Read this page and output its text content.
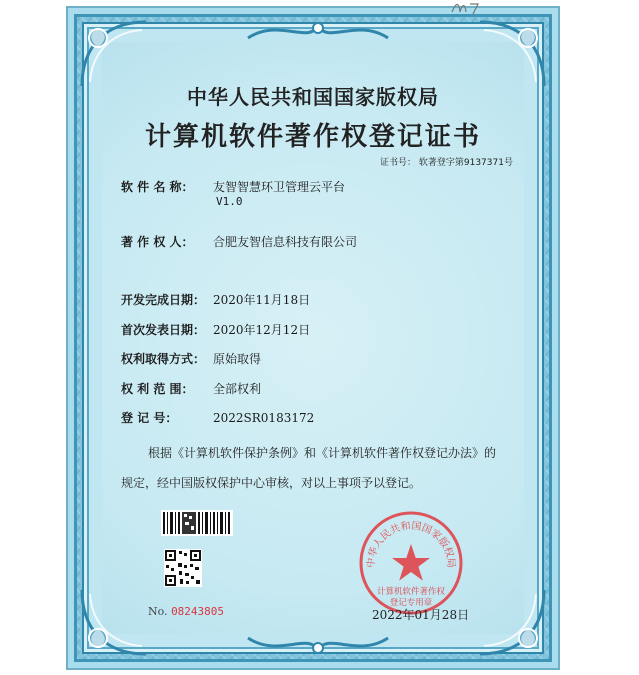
中华人民共和国国家版权局
计算机软件著作权登记证书
证书号： 软著登字第9137371号
软 件 名 称： 友智智慧环卫管理云平台
V1.0
著 作 权 人： 合肥友智信息科技有限公司
开发完成日期： 2020年11月18日
首次发表日期： 2020年12月12日
权利取得方式： 原始取得
权 利 范 围： 全部权利
登 记 号：	2022SR0183172
根据《计算机软件保护条例》和《计算机软件著作权登记办法》的
规定，经中国版权保护中心审核，对以上事项予以登记。
No. 08243805
中华人民共和国国家版权局
计算机软件著作权
登记专用章
2022年01月28日
